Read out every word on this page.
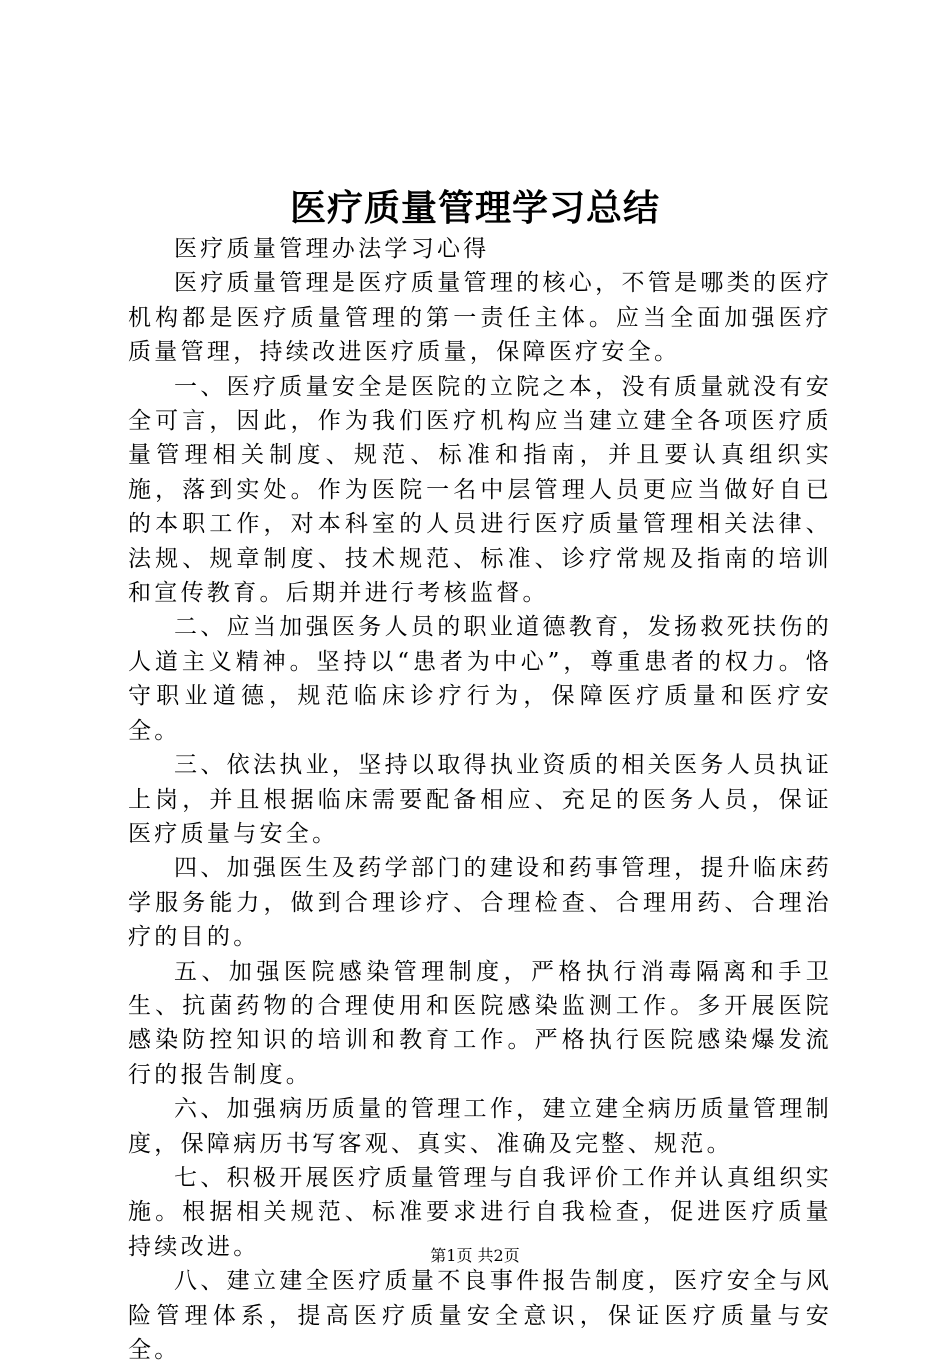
医疗质量管理学习总结

医疗质量管理办法学习心得

医疗质量管理是医疗质量管理的核心，不管是哪类的医疗机构都是医疗质量管理的第一责任主体。应当全面加强医疗质量管理，持续改进医疗质量，保障医疗安全。

一、医疗质量安全是医院的立院之本，没有质量就没有安全可言，因此，作为我们医疗机构应当建立建全各项医疗质量管理相关制度、规范、标准和指南，并且要认真组织实施，落到实处。作为医院一名中层管理人员更应当做好自已的本职工作，对本科室的人员进行医疗质量管理相关法律、法规、规章制度、技术规范、标准、诊疗常规及指南的培训和宣传教育。后期并进行考核监督。

二、应当加强医务人员的职业道德教育，发扬救死扶伤的人道主义精神。坚持以“患者为中心”，尊重患者的权力。恪守职业道德，规范临床诊疗行为，保障医疗质量和医疗安全。

三、依法执业，坚持以取得执业资质的相关医务人员执证上岗，并且根据临床需要配备相应、充足的医务人员，保证医疗质量与安全。

四、加强医生及药学部门的建设和药事管理，提升临床药学服务能力，做到合理诊疗、合理检查、合理用药、合理治疗的目的。

五、加强医院感染管理制度，严格执行消毒隔离和手卫生、抗菌药物的合理使用和医院感染监测工作。多开展医院感染防控知识的培训和教育工作。严格执行医院感染爆发流行的报告制度。

六、加强病历质量的管理工作，建立建全病历质量管理制度，保障病历书写客观、真实、准确及完整、规范。

七、积极开展医疗质量管理与自我评价工作并认真组织实施。根据相关规范、标准要求进行自我检查，促进医疗质量持续改进。

八、建立建全医疗质量不良事件报告制度，医疗安全与风险管理体系，提高医疗质量安全意识，保证医疗质量与安全。

第1页 共2页
